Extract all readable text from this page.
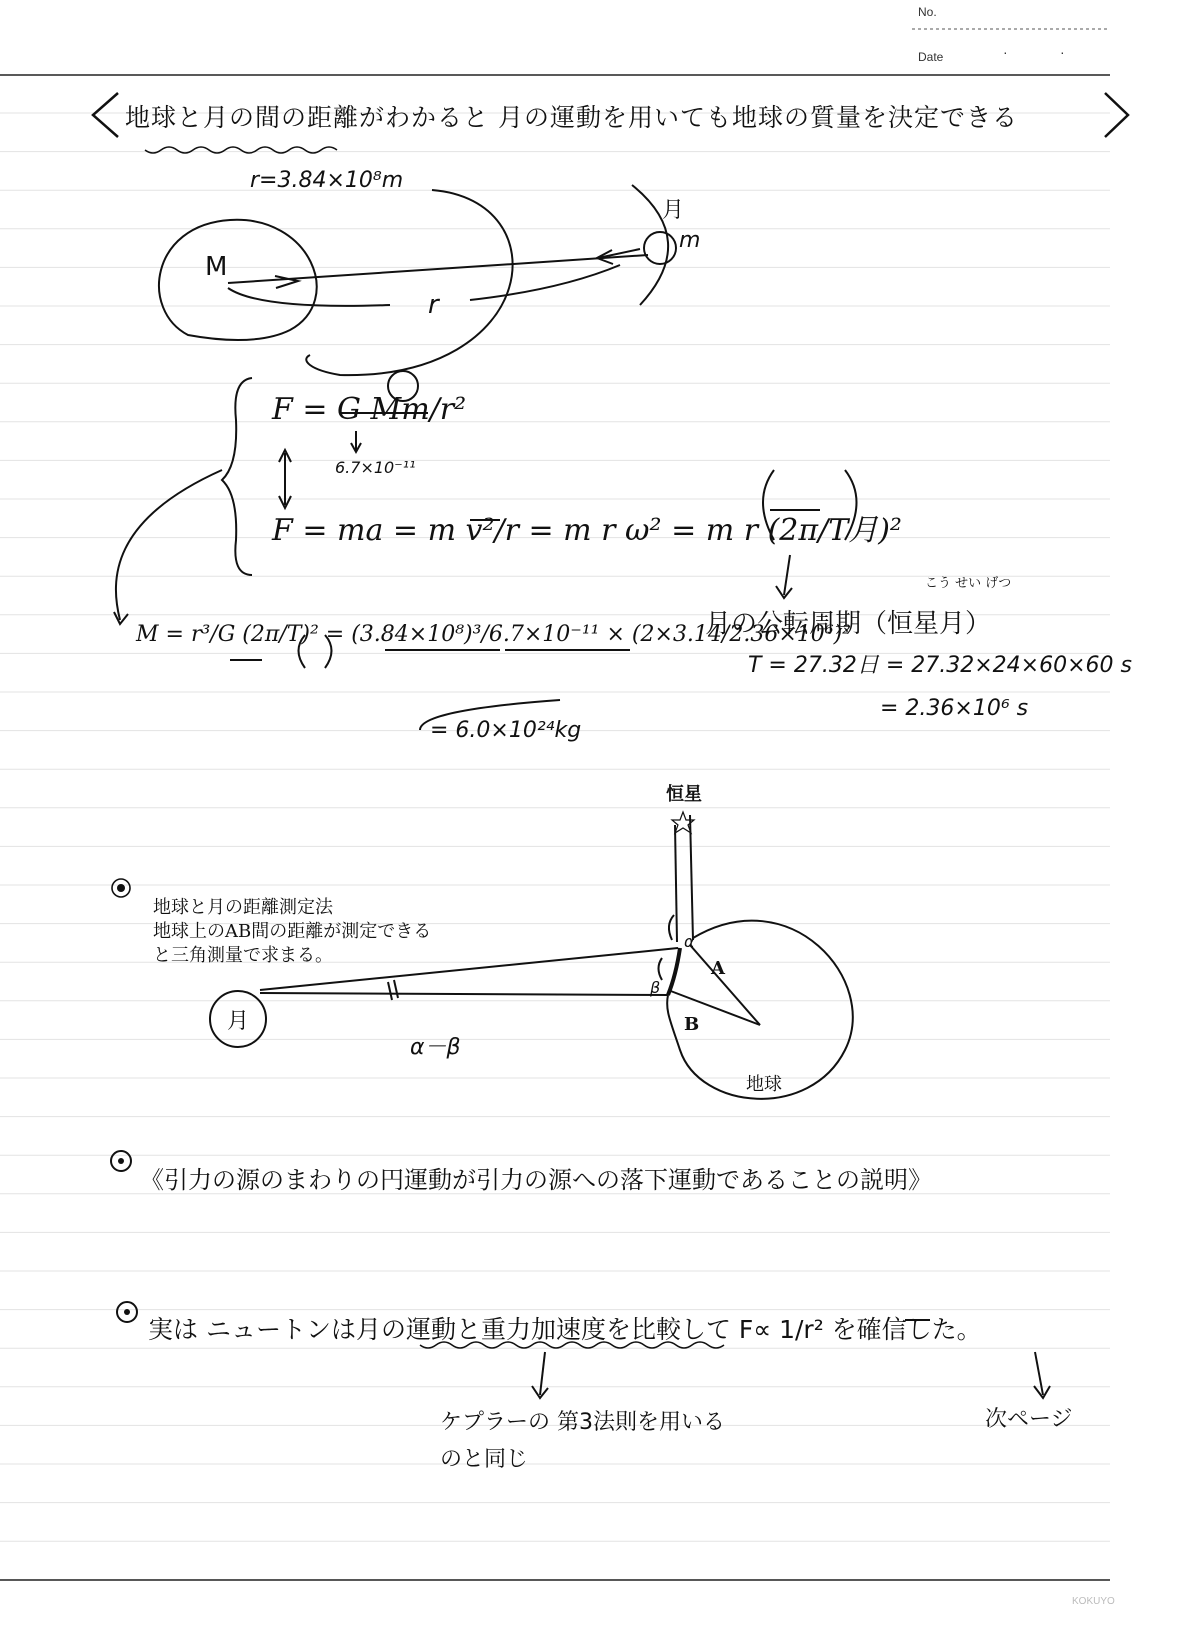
No.
Date	·	·
地球と月の間の距離がわかると 月の運動を用いても地球の質量を決定できる
r=3.84×10⁸m
M
m
月
r
F = G Mm/r²
6.7×10⁻¹¹
F = ma = m v²/r = m r ω² = m r (2π/T月)²
M = r³/G (2π/T)² = (3.84×10⁸)³/6.7×10⁻¹¹ × (2×3.14/2.36×10⁶)²
= 6.0×10²⁴kg
こう せい げつ
月の公転周期（恒星月）
T = 27.32日 = 27.32×24×60×60 s
= 2.36×10⁶ s
恒星
地球と月の距離測定法
地球上のAB間の距離が測定できる
と三角測量で求まる。
月
α－β
α
β
A
B
地球
《引力の源のまわりの円運動が引力の源への落下運動であることの説明》
実は ニュートンは月の運動と重力加速度を比較して F∝ 1/r² を確信した。
ケプラーの 第3法則を用いる
のと同じ
次ページ
KOKUYO
